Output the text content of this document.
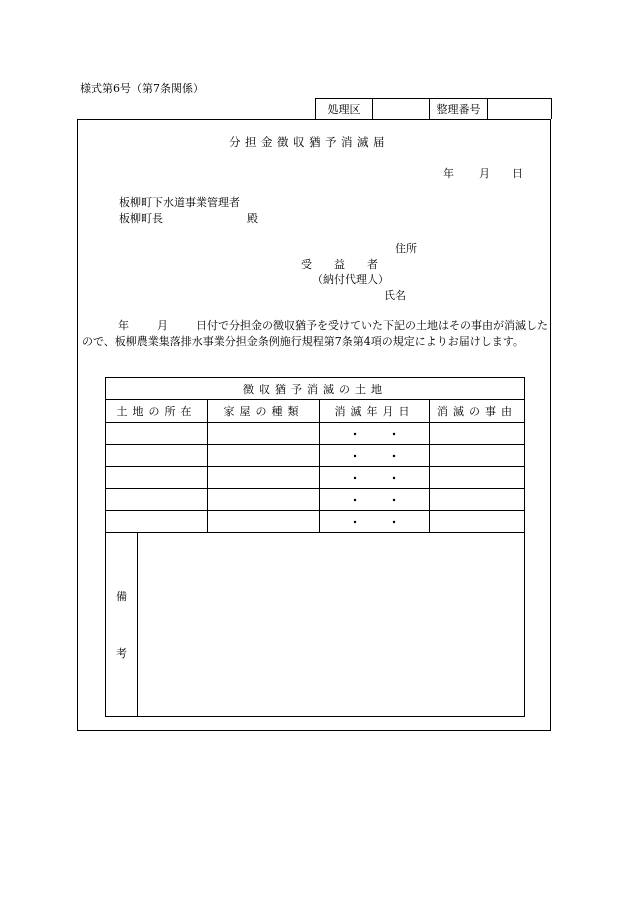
様式第6号（第7条関係）
処理区	整理番号
分担金徴収猶予消滅届
年 月 日
板柳町下水道事業管理者
板柳町長	殿
住所
受　　益　　者
（納付代理人）
氏名
年	月	日付で分担金の徴収猶予を受けていた下記の土地はその事由が消滅したので、板柳農業集落排水事業分担金条例施行規程第7条第4項の規定によりお届けします。
徴収猶予消滅の土地				
土地の所在		家屋の種類	消滅年月日	消滅の事由

			・ ・	

			・ ・	

			・ ・	

			・ ・	

			・ ・	

備
考				
